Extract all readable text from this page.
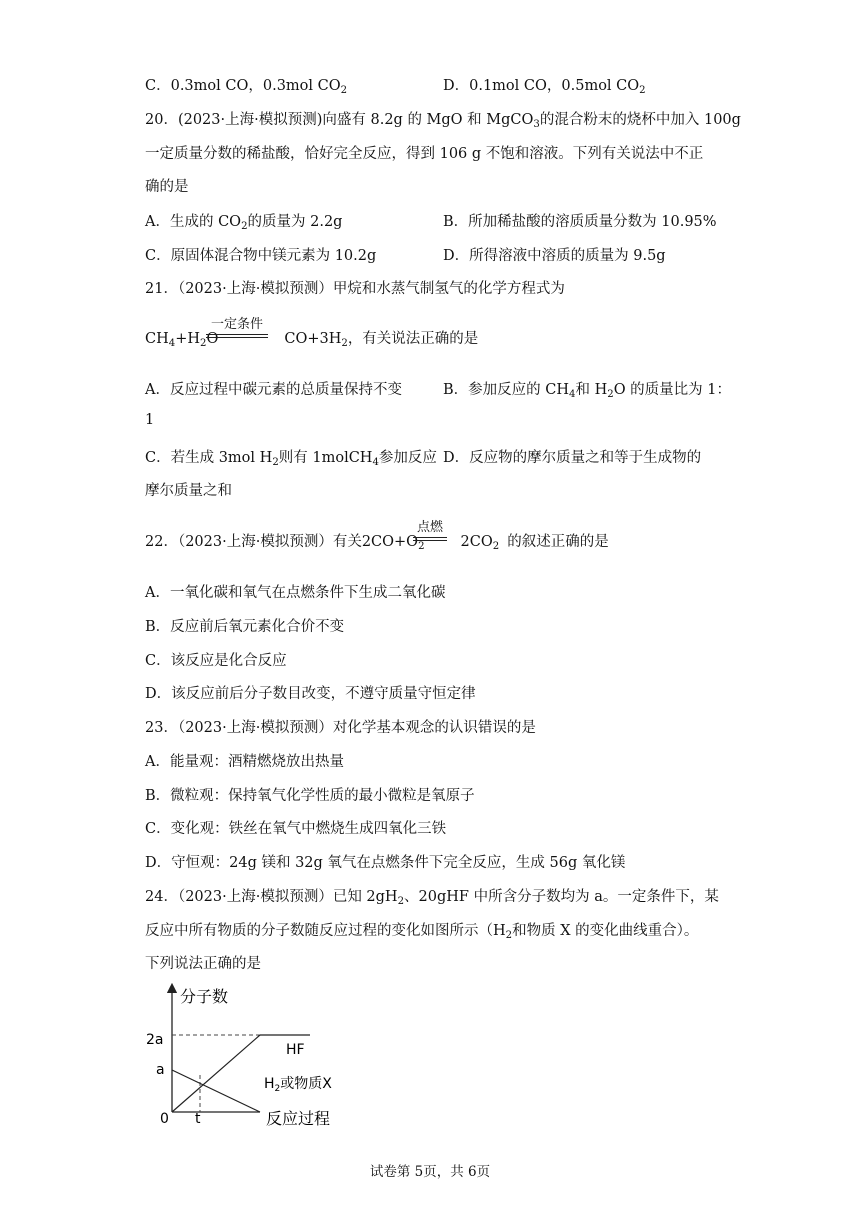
C．0.3mol CO，0.3mol $CO_2$	D．0.1mol CO，0.5mol $CO_2$
20．(2023·上海·模拟预测)向盛有 8.2g 的 MgO 和 MgCO$_3$的混合粉末的烧杯中加入 100g
一定质量分数的稀盐酸，恰好完全反应，得到 106 g 不饱和溶液。下列有关说法中不正
确的是
A．生成的 $CO_2$的质量为 2.2g	B．所加稀盐酸的溶质质量分数为 10.95%
C．原固体混合物中镁元素为 10.2g	D．所得溶液中溶质的质量为 9.5g
21．（2023·上海·模拟预测）甲烷和水蒸气制氢气的化学方程式为
$CH_4+H_2O$	$CO+3H_2$，有关说法正确的是
一定条件
A．反应过程中碳元素的总质量保持不变	B．参加反应的 $CH_4$和 $H_2O$ 的质量比为 1：
1
C．若生成 3mol $H_2$则有 1molCH$_4$参加反应 D．反应物的摩尔质量之和等于生成物的
摩尔质量之和
22．（2023·上海·模拟预测）有关$2CO+O_2$ $2CO_2$ 的叙述正确的是
点燃
A．一氧化碳和氧气在点燃条件下生成二氧化碳
B．反应前后氧元素化合价不变
C．该反应是化合反应
D．该反应前后分子数目改变，不遵守质量守恒定律
23．（2023·上海·模拟预测）对化学基本观念的认识错误的是
A．能量观：酒精燃烧放出热量
B．微粒观：保持氧气化学性质的最小微粒是氧原子
C．变化观：铁丝在氧气中燃烧生成四氧化三铁
D．守恒观：24g 镁和 32g 氧气在点燃条件下完全反应，生成 56g 氧化镁
24．（2023·上海·模拟预测）已知 $2gH_2$、20gHF 中所含分子数均为 a。一定条件下，某
反应中所有物质的分子数随反应过程的变化如图所示（$H_2$和物质 X 的变化曲线重合）。
下列说法正确的是
分子数
反应过程
2a
a
0 t
HF
$H_2$或物质X
试卷第 5页，共 6页
